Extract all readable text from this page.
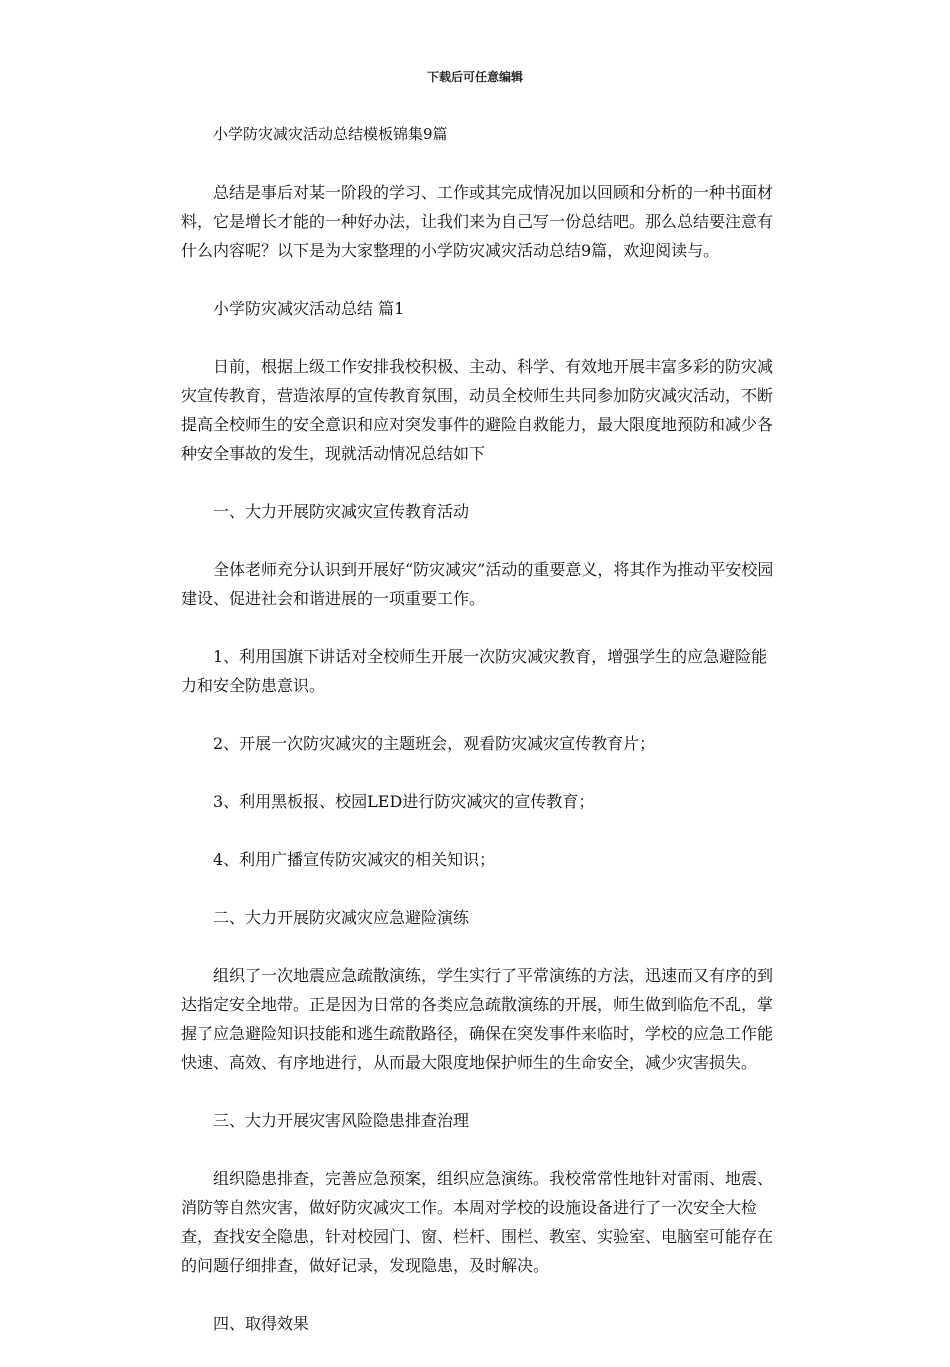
下载后可任意编辑

小学防灾减灾活动总结模板锦集9篇

总结是事后对某一阶段的学习、工作或其完成情况加以回顾和分析的一种书面材料，它是增长才能的一种好办法，让我们来为自己写一份总结吧。那么总结要注意有什么内容呢？以下是为大家整理的小学防灾减灾活动总结9篇，欢迎阅读与。

小学防灾减灾活动总结 篇1

日前，根据上级工作安排我校积极、主动、科学、有效地开展丰富多彩的防灾减灾宣传教育，营造浓厚的宣传教育氛围，动员全校师生共同参加防灾减灾活动，不断提高全校师生的安全意识和应对突发事件的避险自救能力，最大限度地预防和减少各种安全事故的发生，现就活动情况总结如下

一、大力开展防灾减灾宣传教育活动

全体老师充分认识到开展好“防灾减灾”活动的重要意义，将其作为推动平安校园建设、促进社会和谐进展的一项重要工作。

1、利用国旗下讲话对全校师生开展一次防灾减灾教育，增强学生的应急避险能力和安全防患意识。

2、开展一次防灾减灾的主题班会，观看防灾减灾宣传教育片；

3、利用黑板报、校园LED进行防灾减灾的宣传教育；

4、利用广播宣传防灾减灾的相关知识；

二、大力开展防灾减灾应急避险演练

组织了一次地震应急疏散演练，学生实行了平常演练的方法，迅速而又有序的到达指定安全地带。正是因为日常的各类应急疏散演练的开展，师生做到临危不乱，掌握了应急避险知识技能和逃生疏散路径，确保在突发事件来临时，学校的应急工作能快速、高效、有序地进行，从而最大限度地保护师生的生命安全，减少灾害损失。

三、大力开展灾害风险隐患排查治理

组织隐患排查，完善应急预案，组织应急演练。我校常常性地针对雷雨、地震、消防等自然灾害，做好防灾减灾工作。本周对学校的设施设备进行了一次安全大检查，查找安全隐患，针对校园门、窗、栏杆、围栏、教室、实验室、电脑室可能存在的问题仔细排查，做好记录，发现隐患，及时解决。

四、取得效果
